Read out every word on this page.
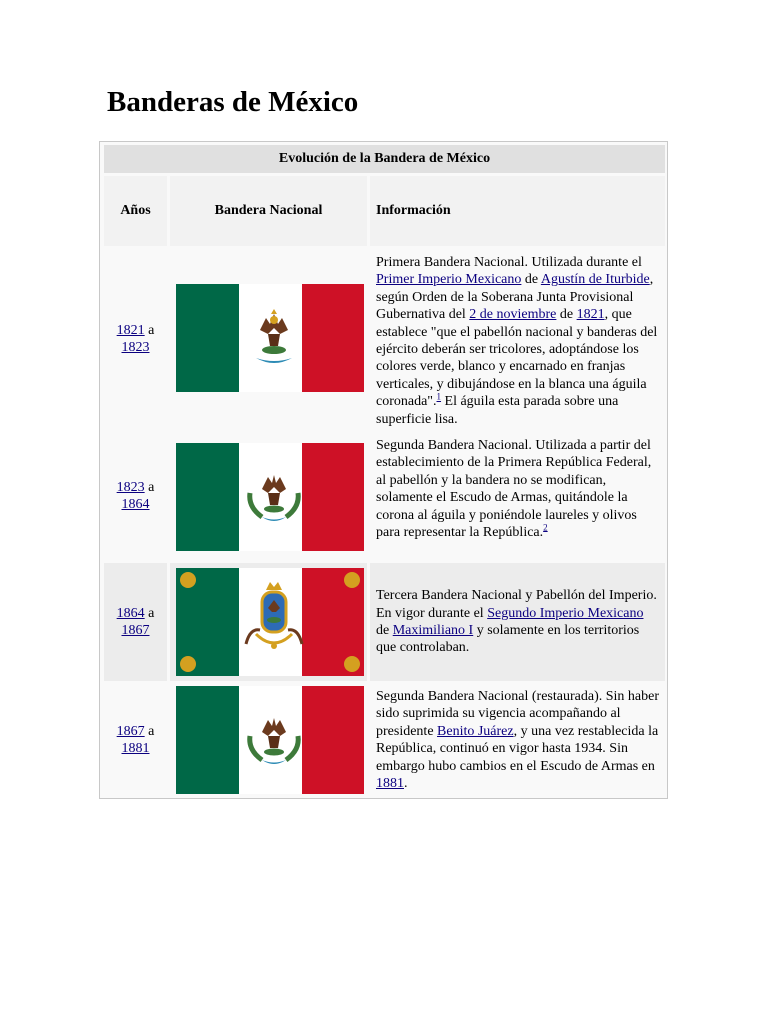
Banderas de México
Evolución de la Bandera de México
Años	Bandera Nacional	Información
1821 a
1823
Primera Bandera Nacional. Utilizada durante el Primer Imperio Mexicano de Agustín de Iturbide, según Orden de la Soberana Junta Provisional Gubernativa del 2 de noviembre de 1821, que establece "que el pabellón nacional y banderas del ejército deberán ser tricolores, adoptándose los colores verde, blanco y encarnado en franjas verticales, y dibujándose en la blanca una águila coronada".$^1$ El águila esta parada sobre una superficie lisa.
1823 a
1864
Segunda Bandera Nacional. Utilizada a partir del establecimiento de la Primera República Federal, al pabellón y la bandera no se modifican, solamente el Escudo de Armas, quitándole la corona al águila y poniéndole laureles y olivos para representar la República.$^2$
1864 a
1867
Tercera Bandera Nacional y Pabellón del Imperio. En vigor durante el Segundo Imperio Mexicano de Maximiliano I y solamente en los territorios que controlaban.
1867 a
1881
Segunda Bandera Nacional (restaurada). Sin haber sido suprimida su vigencia acompañando al presidente Benito Juárez, y una vez restablecida la República, continuó en vigor hasta 1934. Sin embargo hubo cambios en el Escudo de Armas en 1881.
